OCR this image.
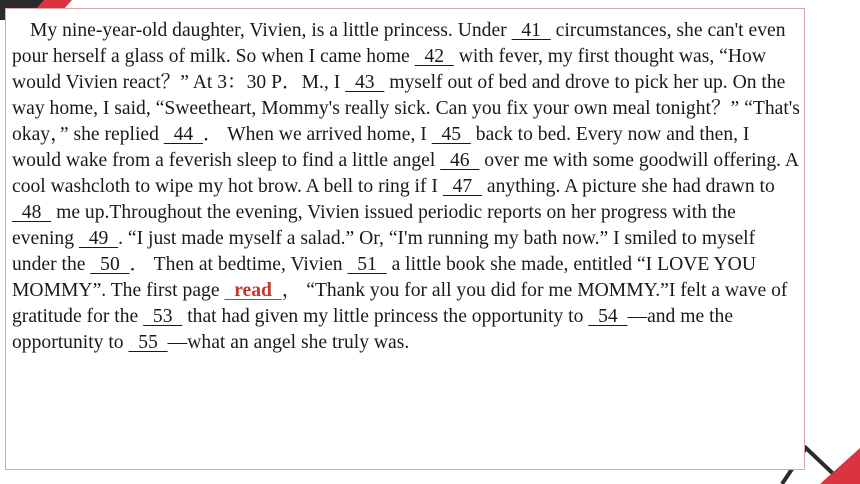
My nine-year-old daughter, Vivien, is a little princess. Under   41   circumstances, she can't even pour herself a glass of milk. So when I came home   42   with fever, my first thought was, “How would Vivien react？” At 3：30 P．M., I   43   myself out of bed and drove to pick her up. On the way home, I said, “Sweetheart, Mommy's really sick. Can you fix your own meal tonight？” “That's okay，” she replied   44  ． When we arrived home, I   45   back to bed. Every now and then, I would wake from a feverish sleep to find a little angel   46   over me with some goodwill offering. A cool washcloth to wipe my hot brow. A bell to ring if I   47   anything. A picture she had drawn to   48   me up.Throughout the evening, Vivien issued periodic reports on her progress with the evening   49  . “I just made myself a salad.” Or, “I'm running my bath now.” I smiled to myself under the   50  ． Then at bedtime, Vivien   51   a little book she made, entitled “I LOVE YOU MOMMY”. The first page   read  ， “Thank you for all you did for me MOMMY.”I felt a wave of gratitude for the   53   that had given my little princess the opportunity to   54  —and me the opportunity to   55  —what an angel she truly was.
